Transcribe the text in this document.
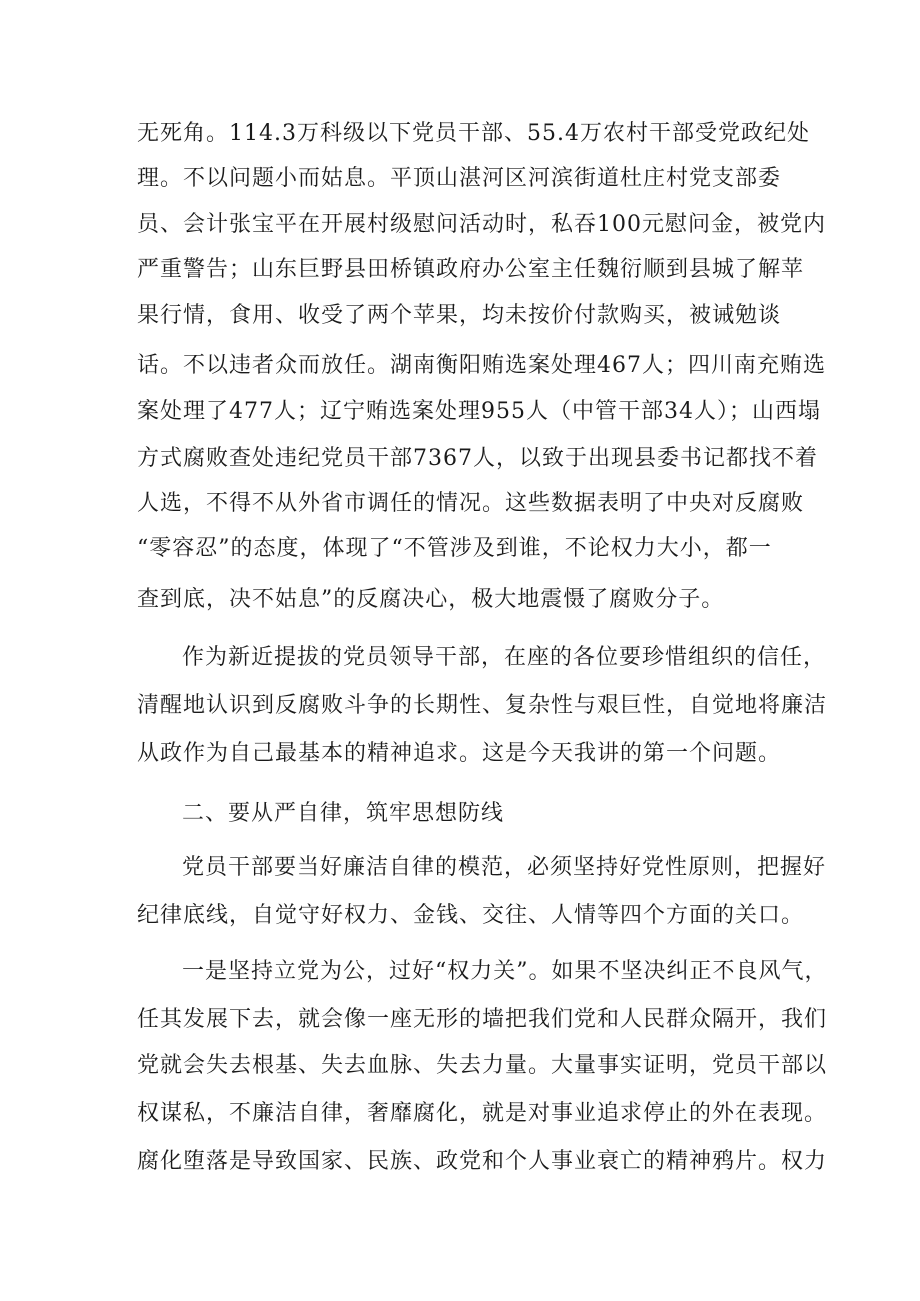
无死角。114.3万科级以下党员干部、55.4万农村干部受党政纪处
理。不以问题小而姑息。平顶山湛河区河滨街道杜庄村党支部委
员、会计张宝平在开展村级慰问活动时，私吞100元慰问金，被党内
严重警告；山东巨野县田桥镇政府办公室主任魏衍顺到县城了解苹
果行情，食用、收受了两个苹果，均未按价付款购买，被诫勉谈
话。不以违者众而放任。湖南衡阳贿选案处理467人；四川南充贿选
案处理了477人；辽宁贿选案处理955人（中管干部34人）；山西塌
方式腐败查处违纪党员干部7367人，以致于出现县委书记都找不着
人选，不得不从外省市调任的情况。这些数据表明了中央对反腐败
“零容忍”的态度，体现了“不管涉及到谁，不论权力大小，都一
查到底，决不姑息”的反腐决心，极大地震慑了腐败分子。
作为新近提拔的党员领导干部，在座的各位要珍惜组织的信任，
清醒地认识到反腐败斗争的长期性、复杂性与艰巨性，自觉地将廉洁
从政作为自己最基本的精神追求。这是今天我讲的第一个问题。
二、要从严自律，筑牢思想防线
党员干部要当好廉洁自律的模范，必须坚持好党性原则，把握好
纪律底线，自觉守好权力、金钱、交往、人情等四个方面的关口。
一是坚持立党为公，过好“权力关”。如果不坚决纠正不良风气，
任其发展下去，就会像一座无形的墙把我们党和人民群众隔开，我们
党就会失去根基、失去血脉、失去力量。大量事实证明，党员干部以
权谋私，不廉洁自律，奢靡腐化，就是对事业追求停止的外在表现。
腐化堕落是导致国家、民族、政党和个人事业衰亡的精神鸦片。权力
